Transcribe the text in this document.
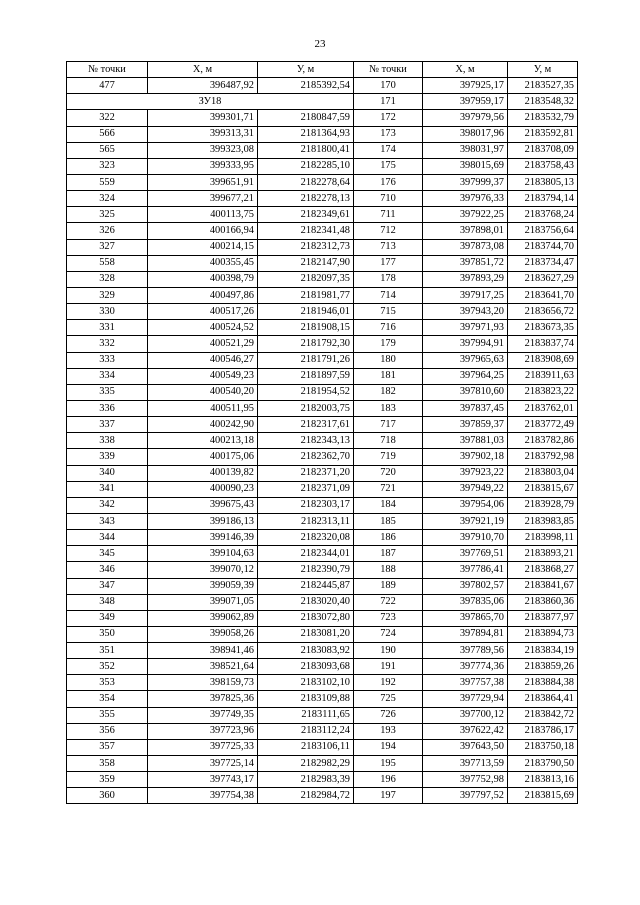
23
№ точки	X, м	У, м	№ точки	X, м	У, м
477	396487,92	2185392,54	170	397925,17	2183527,35
ЗУ18			171	397959,17	2183548,32
322	399301,71	2180847,59	172	397979,56	2183532,79
566	399313,31	2181364,93	173	398017,96	2183592,81
565	399323,08	2181800,41	174	398031,97	2183708,09
323	399333,95	2182285,10	175	398015,69	2183758,43
559	399651,91	2182278,64	176	397999,37	2183805,13
324	399677,21	2182278,13	710	397976,33	2183794,14
325	400113,75	2182349,61	711	397922,25	2183768,24
326	400166,94	2182341,48	712	397898,01	2183756,64
327	400214,15	2182312,73	713	397873,08	2183744,70
558	400355,45	2182147,90	177	397851,72	2183734,47
328	400398,79	2182097,35	178	397893,29	2183627,29
329	400497,86	2181981,77	714	397917,25	2183641,70
330	400517,26	2181946,01	715	397943,20	2183656,72
331	400524,52	2181908,15	716	397971,93	2183673,35
332	400521,29	2181792,30	179	397994,91	2183837,74
333	400546,27	2181791,26	180	397965,63	2183908,69
334	400549,23	2181897,59	181	397964,25	2183911,63
335	400540,20	2181954,52	182	397810,60	2183823,22
336	400511,95	2182003,75	183	397837,45	2183762,01
337	400242,90	2182317,61	717	397859,37	2183772,49
338	400213,18	2182343,13	718	397881,03	2183782,86
339	400175,06	2182362,70	719	397902,18	2183792,98
340	400139,82	2182371,20	720	397923,22	2183803,04
341	400090,23	2182371,09	721	397949,22	2183815,67
342	399675,43	2182303,17	184	397954,06	2183928,79
343	399186,13	2182313,11	185	397921,19	2183983,85
344	399146,39	2182320,08	186	397910,70	2183998,11
345	399104,63	2182344,01	187	397769,51	2183893,21
346	399070,12	2182390,79	188	397786,41	2183868,27
347	399059,39	2182445,87	189	397802,57	2183841,67
348	399071,05	2183020,40	722	397835,06	2183860,36
349	399062,89	2183072,80	723	397865,70	2183877,97
350	399058,26	2183081,20	724	397894,81	2183894,73
351	398941,46	2183083,92	190	397789,56	2183834,19
352	398521,64	2183093,68	191	397774,36	2183859,26
353	398159,73	2183102,10	192	397757,38	2183884,38
354	397825,36	2183109,88	725	397729,94	2183864,41
355	397749,35	2183111,65	726	397700,12	2183842,72
356	397723,96	2183112,24	193	397622,42	2183786,17
357	397725,33	2183106,11	194	397643,50	2183750,18
358	397725,14	2182982,29	195	397713,59	2183790,50
359	397743,17	2182983,39	196	397752,98	2183813,16
360	397754,38	2182984,72	197	397797,52	2183815,69
